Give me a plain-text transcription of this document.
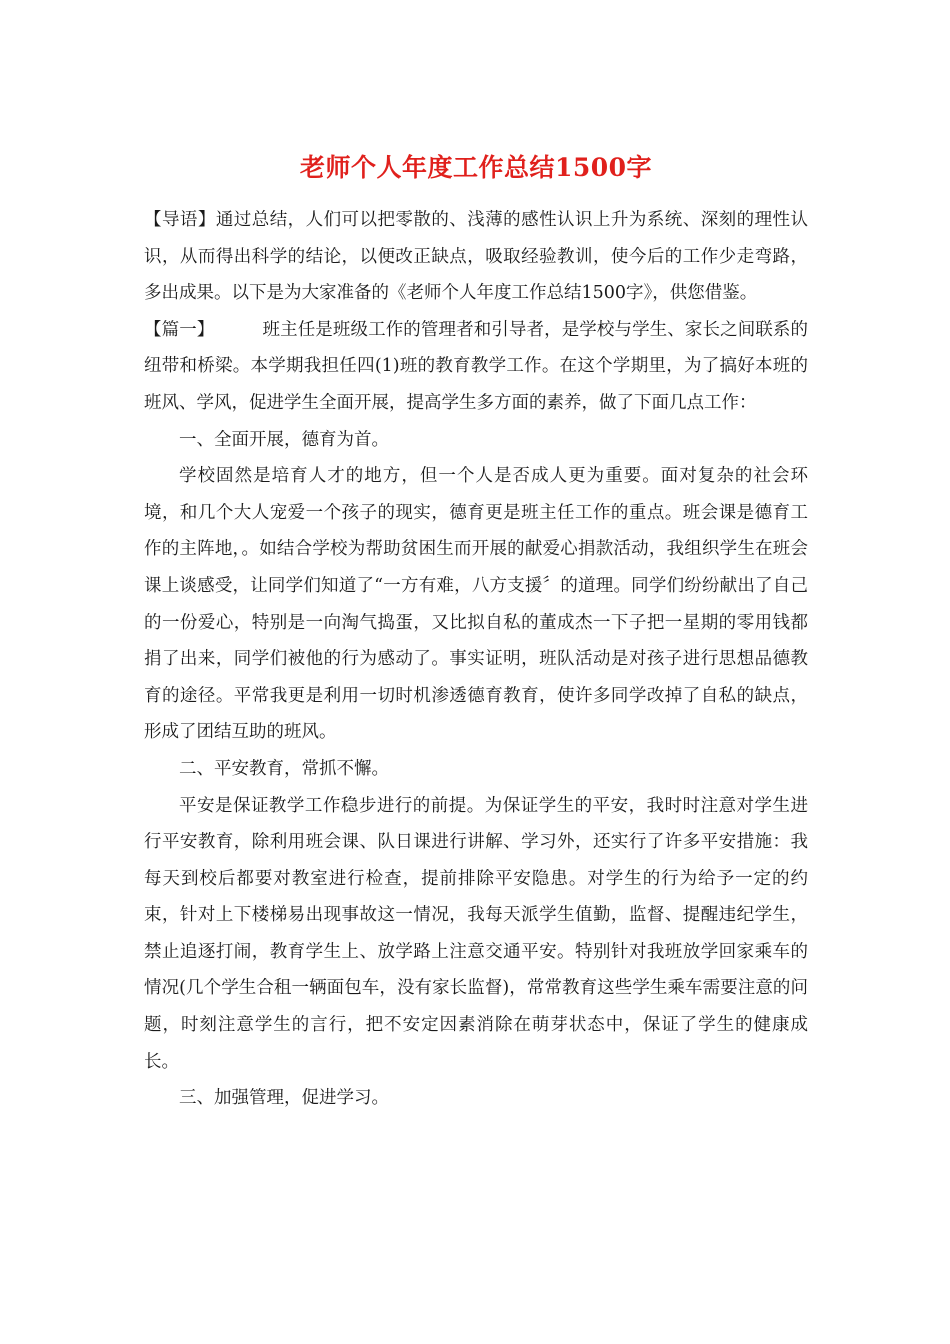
老师个人年度工作总结1500字

【导语】通过总结，人们可以把零散的、浅薄的感性认识上升为系统、深刻的理性认识，从而得出科学的结论，以便改正缺点，吸取经验教训，使今后的工作少走弯路，多出成果。以下是为大家准备的《老师个人年度工作总结1500字》，供您借鉴。

【篇一】	班主任是班级工作的管理者和引导者，是学校与学生、家长之间联系的纽带和桥梁。本学期我担任四(1)班的教育教学工作。在这个学期里，为了搞好本班的班风、学风，促进学生全面开展，提高学生多方面的素养，做了下面几点工作：

一、全面开展，德育为首。

学校固然是培育人才的地方，但一个人是否成人更为重要。面对复杂的社会环境，和几个大人宠爱一个孩子的现实，德育更是班主任工作的重点。班会课是德育工作的主阵地，。如结合学校为帮助贫困生而开展的献爱心捐款活动，我组织学生在班会课上谈感受，让同学们知道了“一方有难，八方支援〞的道理。同学们纷纷献出了自己的一份爱心，特别是一向淘气捣蛋，又比拟自私的董成杰一下子把一星期的零用钱都捐了出来，同学们被他的行为感动了。事实证明，班队活动是对孩子进行思想品德教育的途径。平常我更是利用一切时机渗透德育教育，使许多同学改掉了自私的缺点，形成了团结互助的班风。

二、平安教育，常抓不懈。

平安是保证教学工作稳步进行的前提。为保证学生的平安，我时时注意对学生进行平安教育，除利用班会课、队日课进行讲解、学习外，还实行了许多平安措施：我每天到校后都要对教室进行检查，提前排除平安隐患。对学生的行为给予一定的约束，针对上下楼梯易出现事故这一情况，我每天派学生值勤，监督、提醒违纪学生，禁止追逐打闹，教育学生上、放学路上注意交通平安。特别针对我班放学回家乘车的情况(几个学生合租一辆面包车，没有家长监督)，常常教育这些学生乘车需要注意的问题，时刻注意学生的言行，把不安定因素消除在萌芽状态中，保证了学生的健康成长。

三、加强管理，促进学习。
